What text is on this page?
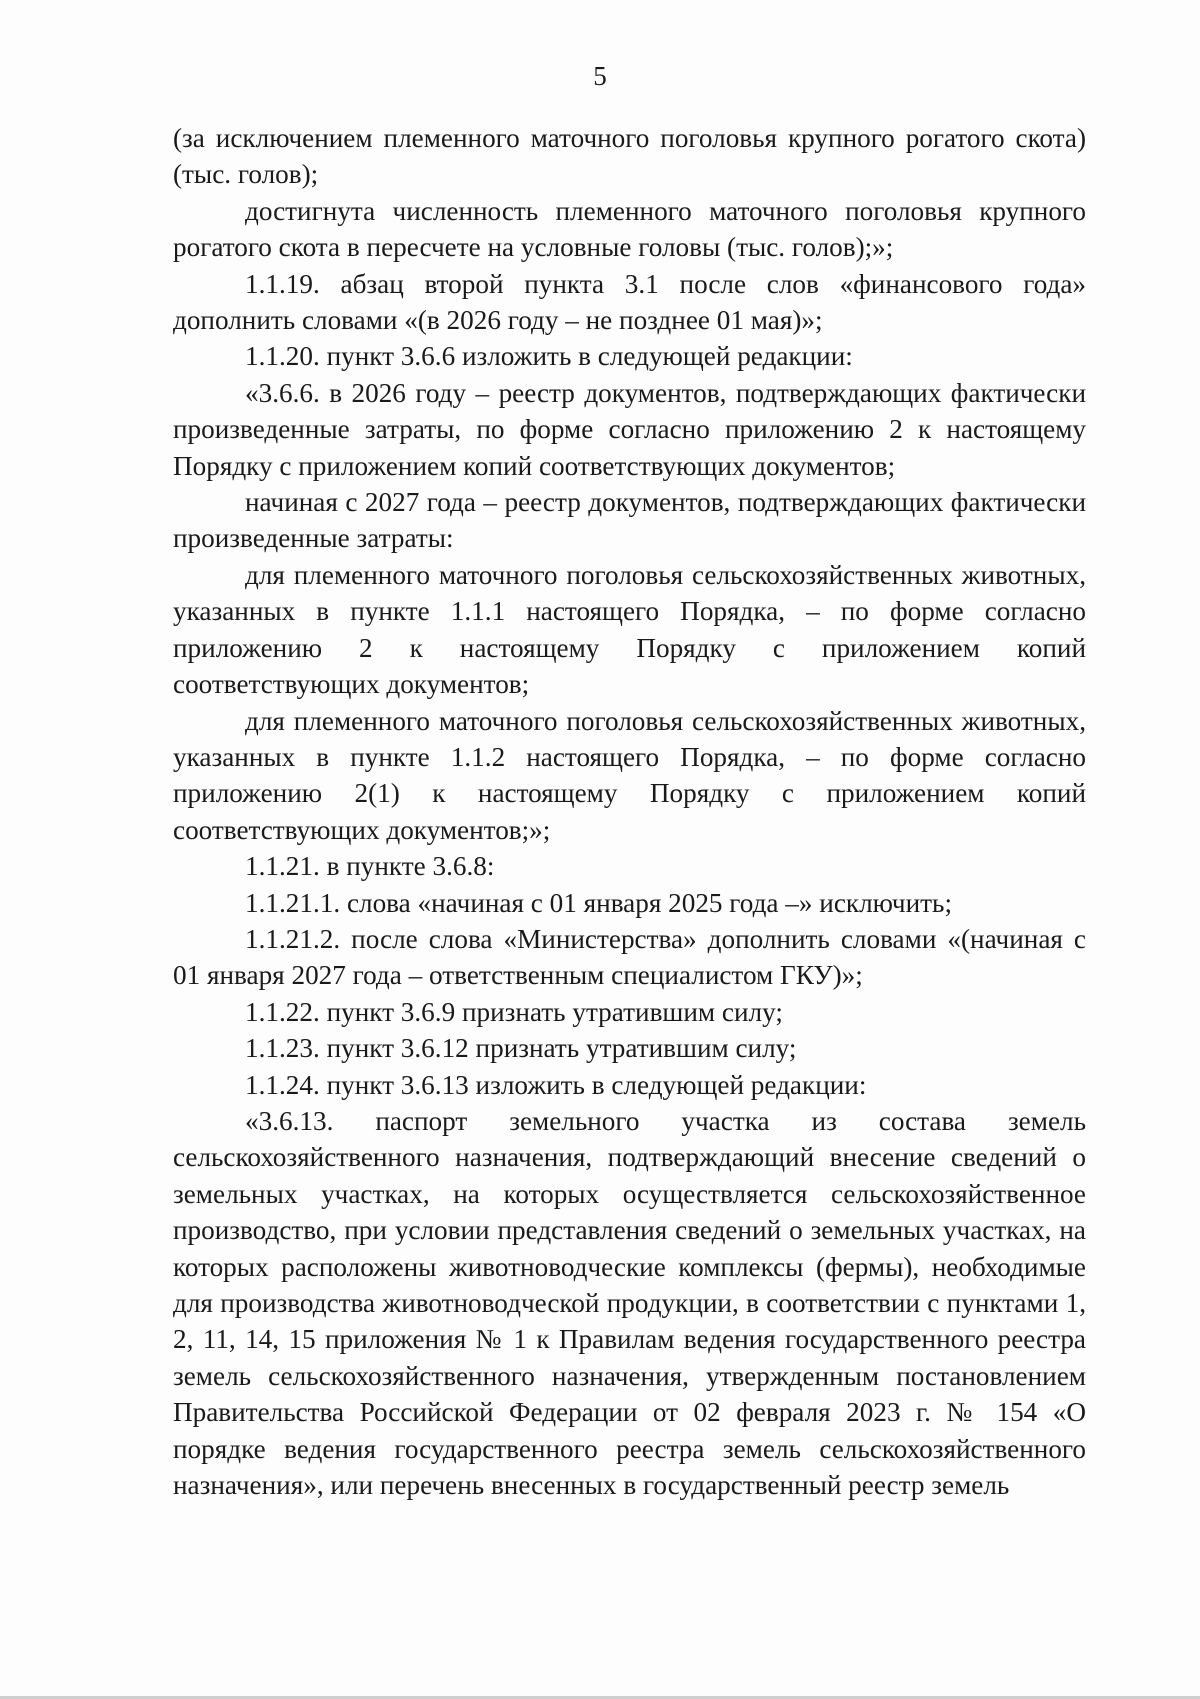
5

(за исключением племенного маточного поголовья крупного рогатого скота) (тыс. голов);

достигнута численность племенного маточного поголовья крупного рогатого скота в пересчете на условные головы (тыс. голов);»;

1.1.19. абзац второй пункта 3.1 после слов «финансового года» дополнить словами «(в 2026 году – не позднее 01 мая)»;

1.1.20. пункт 3.6.6 изложить в следующей редакции:

«3.6.6. в 2026 году – реестр документов, подтверждающих фактически произведенные затраты, по форме согласно приложению 2 к настоящему Порядку с приложением копий соответствующих документов;

начиная с 2027 года – реестр документов, подтверждающих фактически произведенные затраты:

для племенного маточного поголовья сельскохозяйственных животных, указанных в пункте 1.1.1 настоящего Порядка, – по форме согласно приложению 2 к настоящему Порядку с приложением копий соответствующих документов;

для племенного маточного поголовья сельскохозяйственных животных, указанных в пункте 1.1.2 настоящего Порядка, – по форме согласно приложению 2(1) к настоящему Порядку с приложением копий соответствующих документов;»;

1.1.21. в пункте 3.6.8:

1.1.21.1. слова «начиная с 01 января 2025 года –» исключить;

1.1.21.2. после слова «Министерства» дополнить словами «(начиная с 01 января 2027 года – ответственным специалистом ГКУ)»;

1.1.22. пункт 3.6.9 признать утратившим силу;

1.1.23. пункт 3.6.12 признать утратившим силу;

1.1.24. пункт 3.6.13 изложить в следующей редакции:

«3.6.13. паспорт земельного участка из состава земель сельскохозяйственного назначения, подтверждающий внесение сведений о земельных участках, на которых осуществляется сельскохозяйственное производство, при условии представления сведений о земельных участках, на которых расположены животноводческие комплексы (фермы), необходимые для производства животноводческой продукции, в соответствии с пунктами 1, 2, 11, 14, 15 приложения № 1 к Правилам ведения государственного реестра земель сельскохозяйственного назначения, утвержденным постановлением Правительства Российской Федерации от 02 февраля 2023 г. № 154 «О порядке ведения государственного реестра земель сельскохозяйственного назначения», или перечень внесенных в государственный реестр земель
